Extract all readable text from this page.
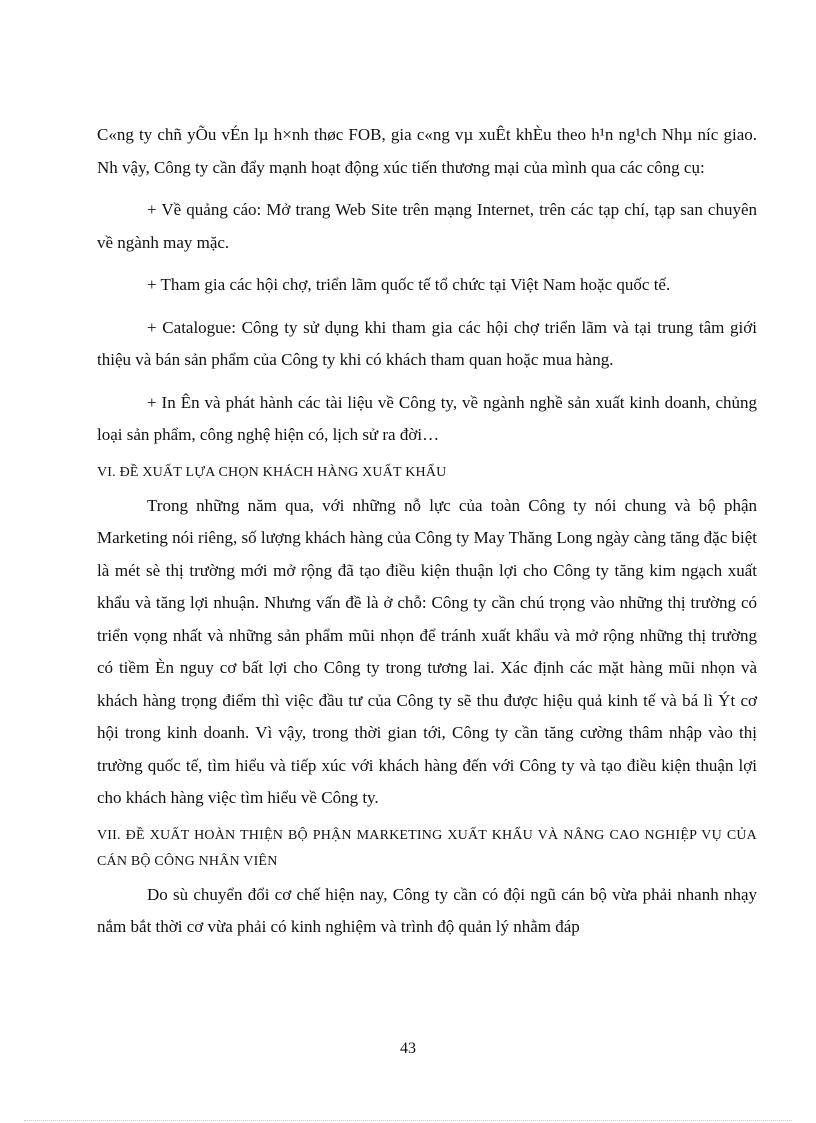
C«ng ty chñ yÕu vÉn lµ h×nh thøc FOB, gia c«ng vµ xuÊt khÈu theo h¹n ng¹ch Nhµ níc giao. Nh vậy, Công ty cần đẩy mạnh hoạt động xúc tiến thương mại của mình qua các công cụ:

+ Về quảng cáo: Mở trang Web Site trên mạng Internet, trên các tạp chí, tạp san chuyên về ngành may mặc.

+ Tham gia các hội chợ, triển lãm quốc tế tổ chức tại Việt Nam hoặc quốc tế.

+ Catalogue: Công ty sử dụng khi tham gia các hội chợ triển lãm và tại trung tâm giới thiệu và bán sản phẩm của Công ty khi có khách tham quan hoặc mua hàng.

+ In Ên và phát hành các tài liệu về Công ty, về ngành nghề sản xuất kinh doanh, chủng loại sản phẩm, công nghệ hiện có, lịch sử ra đời…

VI. ĐỀ XUẤT LỰA CHỌN KHÁCH HÀNG XUẤT KHẨU

Trong những năm qua, với những nỗ lực của toàn Công ty nói chung và bộ phận Marketing nói riêng, số lượng khách hàng của Công ty May Thăng Long ngày càng tăng đặc biệt là mét sè thị trường mới mở rộng đã tạo điều kiện thuận lợi cho Công ty tăng kim ngạch xuất khẩu và tăng lợi nhuận. Nhưng vấn đề là ở chỗ: Công ty cần chú trọng vào những thị trường có triển vọng nhất và những sản phẩm mũi nhọn để tránh xuất khẩu và mở rộng những thị trường có tiềm Èn nguy cơ bất lợi cho Công ty trong tương lai. Xác định các mặt hàng mũi nhọn và khách hàng trọng điểm thì việc đầu tư của Công ty sẽ thu được hiệu quả kinh tế và bá lì Ýt cơ hội trong kinh doanh. Vì vậy, trong thời gian tới, Công ty cần tăng cường thâm nhập vào thị trường quốc tế, tìm hiểu và tiếp xúc với khách hàng đến với Công ty và tạo điều kiện thuận lợi cho khách hàng việc tìm hiểu về Công ty.

VII. ĐỀ XUẤT HOÀN THIỆN BỘ PHẬN MARKETING XUẤT KHẨU VÀ NÂNG CAO NGHIỆP VỤ CỦA CÁN BỘ CÔNG NHÂN VIÊN

Do sù chuyển đổi cơ chế hiện nay, Công ty cần có đội ngũ cán bộ vừa phải nhanh nhạy nắm bắt thời cơ vừa phải có kinh nghiệm và trình độ quản lý nhằm đáp

43
